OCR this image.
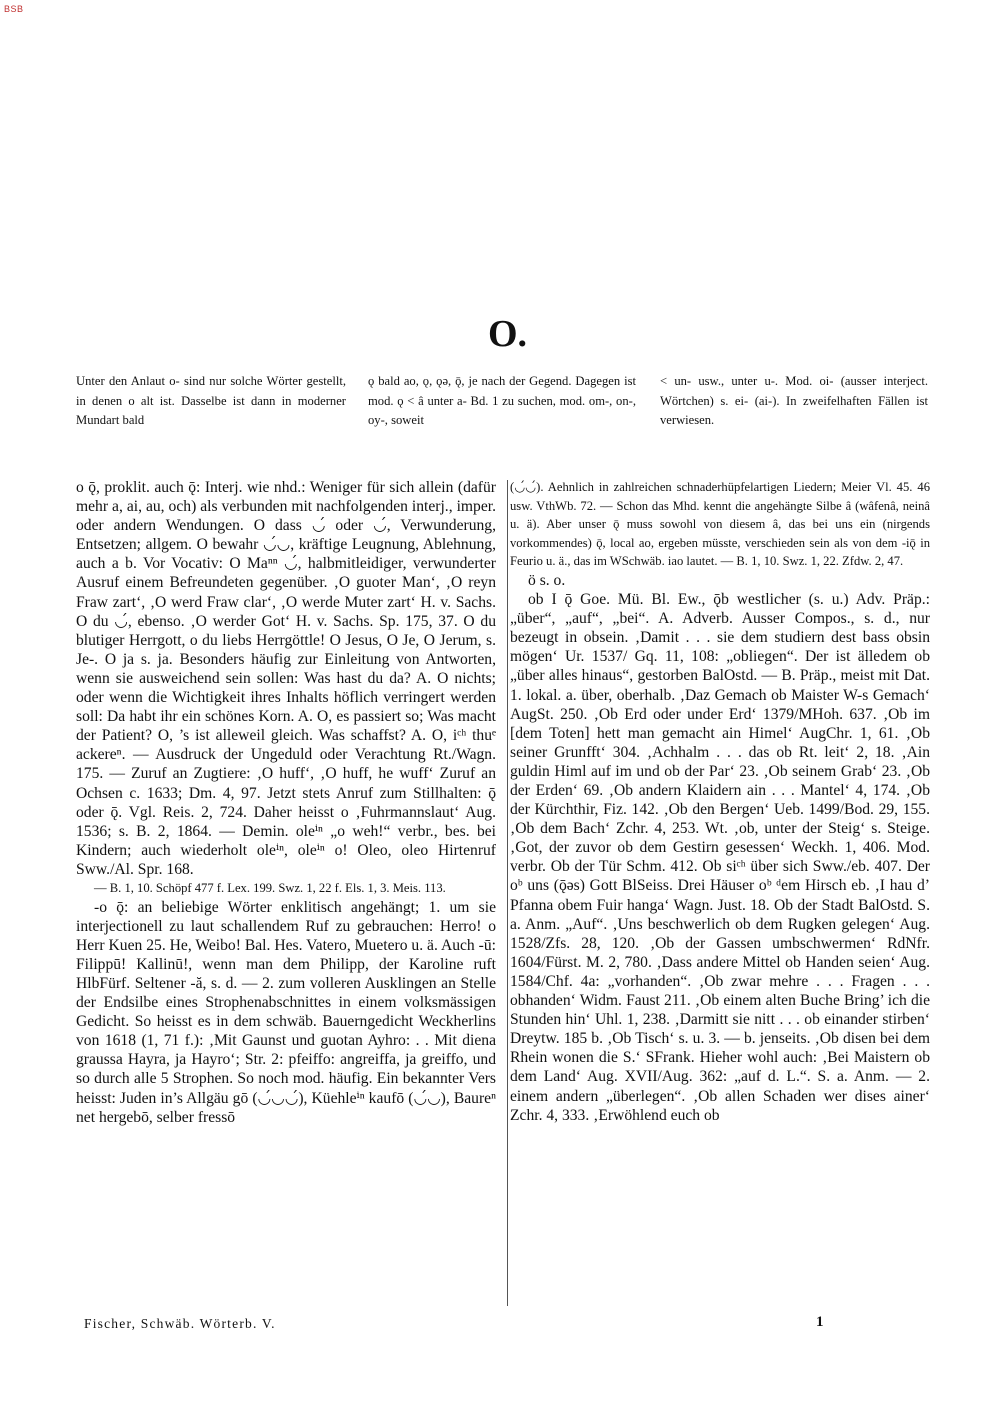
BSB
O.

Unter den Anlaut o- sind nur solche Wörter gestellt, in denen o alt ist. Dasselbe ist dann in moderner Mundart bald

ǫ bald ao, ǫ, ǫə, ǭ, je nach der Gegend. Dagegen ist mod. ǫ < â unter a- Bd. 1 zu suchen, mod. om-, on-, oy-, soweit

< un- usw., unter u-. Mod. oi- (ausser interject. Wörtchen) s. ei- (ai-). In zweifelhaften Fällen ist verwiesen.

o ǭ, proklit. auch ǭ: Interj. wie nhd.: Weniger für sich allein (dafür mehr a, ai, au, och) als verbunden mit nachfolgenden interj., imper. oder andern Wendungen. O dass ◡́ oder ◡́, Verwunderung, Entsetzen; allgem. O bewahr ◡́◡, kräftige Leugnung, Ablehnung, auch a b. Vor Vocativ: O Maⁿⁿ ◡́, halbmitleidiger, verwunderter Ausruf einem Befreundeten gegenüber. ‚O guoter Man‘, ‚O reyn Fraw zart‘, ‚O werd Fraw clar‘, ‚O werde Muter zart‘ H. v. Sachs. O du ◡́, ebenso. ‚O werder Got‘ H. v. Sachs. Sp. 175, 37. O du blutiger Herrgott, o du liebs Herrgöttle! O Jesus, O Je, O Jerum, s. Je-. O ja s. ja. Besonders häufig zur Einleitung von Antworten, wenn sie ausweichend sein sollen: Was hast du da? A. O nichts; oder wenn die Wichtigkeit ihres Inhalts höflich verringert werden soll: Da habt ihr ein schönes Korn. A. O, es passiert so; Was macht der Patient? O, ’s ist alleweil gleich. Was schaffst? A. O, iᶜʰ thuᵉ ackereⁿ. — Ausdruck der Ungeduld oder Verachtung Rt./Wagn. 175. — Zuruf an Zugtiere: ‚O huff‘, ‚O huff, he wuff‘ Zuruf an Ochsen c. 1633; Dm. 4, 97. Jetzt stets Anruf zum Stillhalten: ǭ oder ǭ. Vgl. Reis. 2, 724. Daher heisst o ‚Fuhrmannslaut‘ Aug. 1536; s. B. 2, 1864. — Demin. oleⁱⁿ „o weh!“ verbr., bes. bei Kindern; auch wiederholt oleⁱⁿ, oleⁱⁿ o! Oleo, oleo Hirtenruf Sww./Al. Spr. 168.

— B. 1, 10. Schöpf 477 f. Lex. 199. Swz. 1, 22 f. Els. 1, 3. Meis. 113.

-o ǭ: an beliebige Wörter enklitisch angehängt; 1. um sie interjectionell zu laut schallendem Ruf zu gebrauchen: Herro! o Herr Kuen 25. He, Weibo! Bal. Hes. Vatero, Muetero u. ä. Auch -ū: Filippū! Kallinū!, wenn man dem Philipp, der Karoline ruft HlbFürf. Seltener -ă, s. d. — 2. zum volleren Ausklingen an Stelle der Endsilbe eines Strophenabschnittes in einem volksmässigen Gedicht. So heisst es in dem schwäb. Bauerngedicht Weckherlins von 1618 (1, 71 f.): ‚Mit Gaunst und guotan Ayhro: . . Mit diena graussa Hayra, ja Hayro‘; Str. 2: pfeiffo: angreiffa, ja greiffo, und so durch alle 5 Strophen. So noch mod. häufig. Ein bekannter Vers heisst: Juden in’s Allgäu gō (◡́◡◡́), Küehleⁱⁿ kaufō (◡́◡), Baureⁿ net hergebō, selber fressō

(◡́◡́). Aehnlich in zahlreichen schnaderhüpfelartigen Liedern; Meier Vl. 45. 46 usw. VthWb. 72. — Schon das Mhd. kennt die angehängte Silbe â (wâfenâ, neinâ u. ä). Aber unser ǭ muss sowohl von diesem â, das bei uns ein (nirgends vorkommendes) ǭ, local ao, ergeben müsste, verschieden sein als von dem -iǭ in Feurio u. ä., das im WSchwäb. iao lautet. — B. 1, 10. Swz. 1, 22. Zfdw. 2, 47.

ö s. o.

ob I ǭ Goe. Mü. Bl. Ew., ǭb westlicher (s. u.) Adv. Präp.: „über“, „auf“, „bei“. A. Adverb. Ausser Compos., s. d., nur bezeugt in obsein. ‚Damit . . . sie dem studiern dest bass obsin mögen‘ Ur. 1537/ Gq. 11, 108: „obliegen“. Der ist älledem ob „über alles hinaus“, gestorben BalOstd. — B. Präp., meist mit Dat. 1. lokal. a. über, oberhalb. ‚Daz Gemach ob Maister W-s Gemach‘ AugSt. 250. ‚Ob Erd oder under Erd‘ 1379/MHoh. 637. ‚Ob im [dem Toten] hett man gemacht ain Himel‘ AugChr. 1, 61. ‚Ob seiner Grunfft‘ 304. ‚Achhalm . . . das ob Rt. leit‘ 2, 18. ‚Ain guldin Himl auf im und ob der Par‘ 23. ‚Ob seinem Grab‘ 23. ‚Ob der Erden‘ 69. ‚Ob andern Klaidern ain . . . Mantel‘ 4, 174. ‚Ob der Kürchthir, Fiz. 142. ‚Ob den Bergen‘ Ueb. 1499/Bod. 29, 155. ‚Ob dem Bach‘ Zchr. 4, 253. Wt. ‚ob, unter der Steig‘ s. Steige. ‚Got, der zuvor ob dem Gestirn gesessen‘ Weckh. 1, 406. Mod. verbr. Ob der Tür Schm. 412. Ob siᶜʰ über sich Sww./eb. 407. Der oᵇ uns (ǭəs) Gott BlSeiss. Drei Häuser oᵇ ᵈem Hirsch eb. ‚I hau d’ Pfanna obem Fuir hanga‘ Wagn. Just. 18. Ob der Stadt BalOstd. S. a. Anm. „Auf“. ‚Uns beschwerlich ob dem Rugken gelegen‘ Aug. 1528/Zfs. 28, 120. ‚Ob der Gassen umbschwermen‘ RdNfr. 1604/Fürst. M. 2, 780. ‚Dass andere Mittel ob Handen seien‘ Aug. 1584/Chf. 4a: „vorhanden“. ‚Ob zwar mehre . . . Fragen . . . obhanden‘ Widm. Faust 211. ‚Ob einem alten Buche Bring’ ich die Stunden hin‘ Uhl. 1, 238. ‚Darmitt sie nitt . . . ob einander stirben‘ Dreytw. 185 b. ‚Ob Tisch‘ s. u. 3. — b. jenseits. ‚Ob disen bei dem Rhein wonen die S.‘ SFrank. Hieher wohl auch: ‚Bei Maistern ob dem Land‘ Aug. XVII/Aug. 362: „auf d. L.“. S. a. Anm. — 2. einem andern „überlegen“. ‚Ob allen Schaden wer dises ainer‘ Zchr. 4, 333. ‚Erwöhlend euch ob

Fischer, Schwäb. Wörterb. V.	1
